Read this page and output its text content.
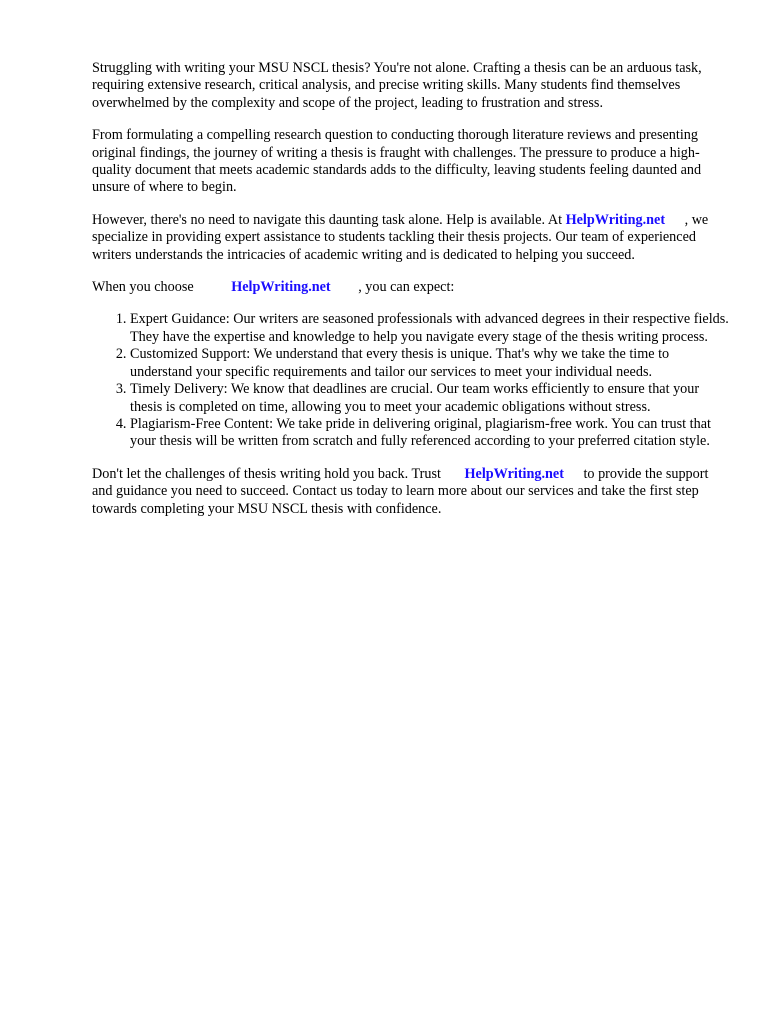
Struggling with writing your MSU NSCL thesis? You're not alone. Crafting a thesis can be an arduous task, requiring extensive research, critical analysis, and precise writing skills. Many students find themselves overwhelmed by the complexity and scope of the project, leading to frustration and stress.

From formulating a compelling research question to conducting thorough literature reviews and presenting original findings, the journey of writing a thesis is fraught with challenges. The pressure to produce a high-quality document that meets academic standards adds to the difficulty, leaving students feeling daunted and unsure of where to begin.

However, there's no need to navigate this daunting task alone. Help is available. At HelpWriting.net , we specialize in providing expert assistance to students tackling their thesis projects. Our team of experienced writers understands the intricacies of academic writing and is dedicated to helping you succeed.

When you choose	HelpWriting.net , you can expect:

1. Expert Guidance: Our writers are seasoned professionals with advanced degrees in their respective fields. They have the expertise and knowledge to help you navigate every stage of the thesis writing process.
2. Customized Support: We understand that every thesis is unique. That's why we take the time to understand your specific requirements and tailor our services to meet your individual needs.
3. Timely Delivery: We know that deadlines are crucial. Our team works efficiently to ensure that your thesis is completed on time, allowing you to meet your academic obligations without stress.
4. Plagiarism-Free Content: We take pride in delivering original, plagiarism-free work. You can trust that your thesis will be written from scratch and fully referenced according to your preferred citation style.

Don't let the challenges of thesis writing hold you back. Trust HelpWriting.net to provide the support and guidance you need to succeed. Contact us today to learn more about our services and take the first step towards completing your MSU NSCL thesis with confidence.
